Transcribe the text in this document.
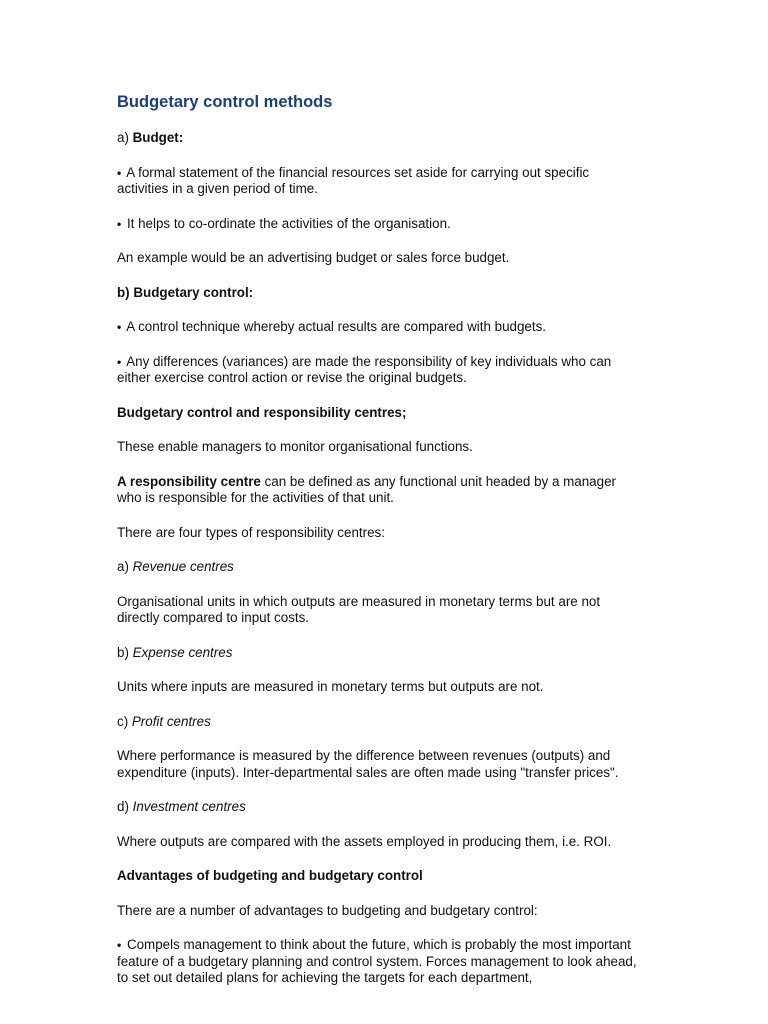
Budgetary control methods

a) Budget:

• A formal statement of the financial resources set aside for carrying out specific activities in a given period of time.

• It helps to co-ordinate the activities of the organisation.

An example would be an advertising budget or sales force budget.

b) Budgetary control:

• A control technique whereby actual results are compared with budgets.

• Any differences (variances) are made the responsibility of key individuals who can either exercise control action or revise the original budgets.

Budgetary control and responsibility centres;

These enable managers to monitor organisational functions.

A responsibility centre can be defined as any functional unit headed by a manager who is responsible for the activities of that unit.

There are four types of responsibility centres:

a) Revenue centres

Organisational units in which outputs are measured in monetary terms but are not directly compared to input costs.

b) Expense centres

Units where inputs are measured in monetary terms but outputs are not.

c) Profit centres

Where performance is measured by the difference between revenues (outputs) and expenditure (inputs). Inter-departmental sales are often made using "transfer prices".

d) Investment centres

Where outputs are compared with the assets employed in producing them, i.e. ROI.

Advantages of budgeting and budgetary control

There are a number of advantages to budgeting and budgetary control:

• Compels management to think about the future, which is probably the most important feature of a budgetary planning and control system. Forces management to look ahead, to set out detailed plans for achieving the targets for each department,
